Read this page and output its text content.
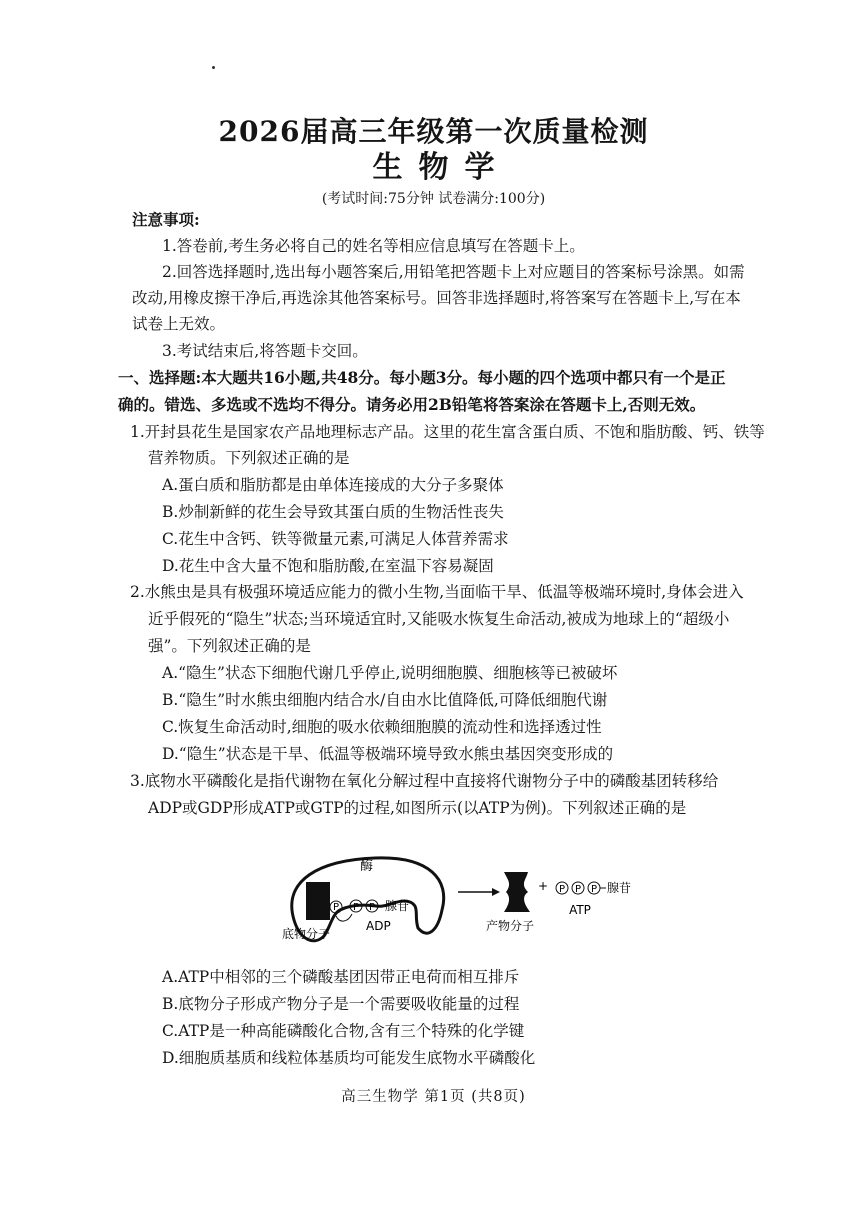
2026届高三年级第一次质量检测
生物学
(考试时间:75分钟 试卷满分:100分)
注意事项:
1.答卷前,考生务必将自己的姓名等相应信息填写在答题卡上。
2.回答选择题时,选出每小题答案后,用铅笔把答题卡上对应题目的答案标号涂黑。如需
改动,用橡皮擦干净后,再选涂其他答案标号。回答非选择题时,将答案写在答题卡上,写在本
试卷上无效。
3.考试结束后,将答题卡交回。
一、选择题:本大题共16小题,共48分。每小题3分。每小题的四个选项中都只有一个是正
确的。错选、多选或不选均不得分。请务必用2B铅笔将答案涂在答题卡上,否则无效。
1.开封县花生是国家农产品地理标志产品。这里的花生富含蛋白质、不饱和脂肪酸、钙、铁等
营养物质。下列叙述正确的是
A.蛋白质和脂肪都是由单体连接成的大分子多聚体
B.炒制新鲜的花生会导致其蛋白质的生物活性丧失
C.花生中含钙、铁等微量元素,可满足人体营养需求
D.花生中含大量不饱和脂肪酸,在室温下容易凝固
2.水熊虫是具有极强环境适应能力的微小生物,当面临干旱、低温等极端环境时,身体会进入
近乎假死的“隐生”状态;当环境适宜时,又能吸水恢复生命活动,被成为地球上的“超级小
强”。下列叙述正确的是
A.“隐生”状态下细胞代谢几乎停止,说明细胞膜、细胞核等已被破坏
B.“隐生”时水熊虫细胞内结合水/自由水比值降低,可降低细胞代谢
C.恢复生命活动时,细胞的吸水依赖细胞膜的流动性和选择透过性
D.“隐生”状态是干旱、低温等极端环境导致水熊虫基因突变形成的
3.底物水平磷酸化是指代谢物在氧化分解过程中直接将代谢物分子中的磷酸基团转移给
ADP或GDP形成ATP或GTP的过程,如图所示(以ATP为例)。下列叙述正确的是
酶
P P P 腺苷
ADP
底物分子
产物分子
+ P P P 腺苷
ATP
A.ATP中相邻的三个磷酸基团因带正电荷而相互排斥
B.底物分子形成产物分子是一个需要吸收能量的过程
C.ATP是一种高能磷酸化合物,含有三个特殊的化学键
D.细胞质基质和线粒体基质均可能发生底物水平磷酸化
高三生物学 第1页 (共8页)
